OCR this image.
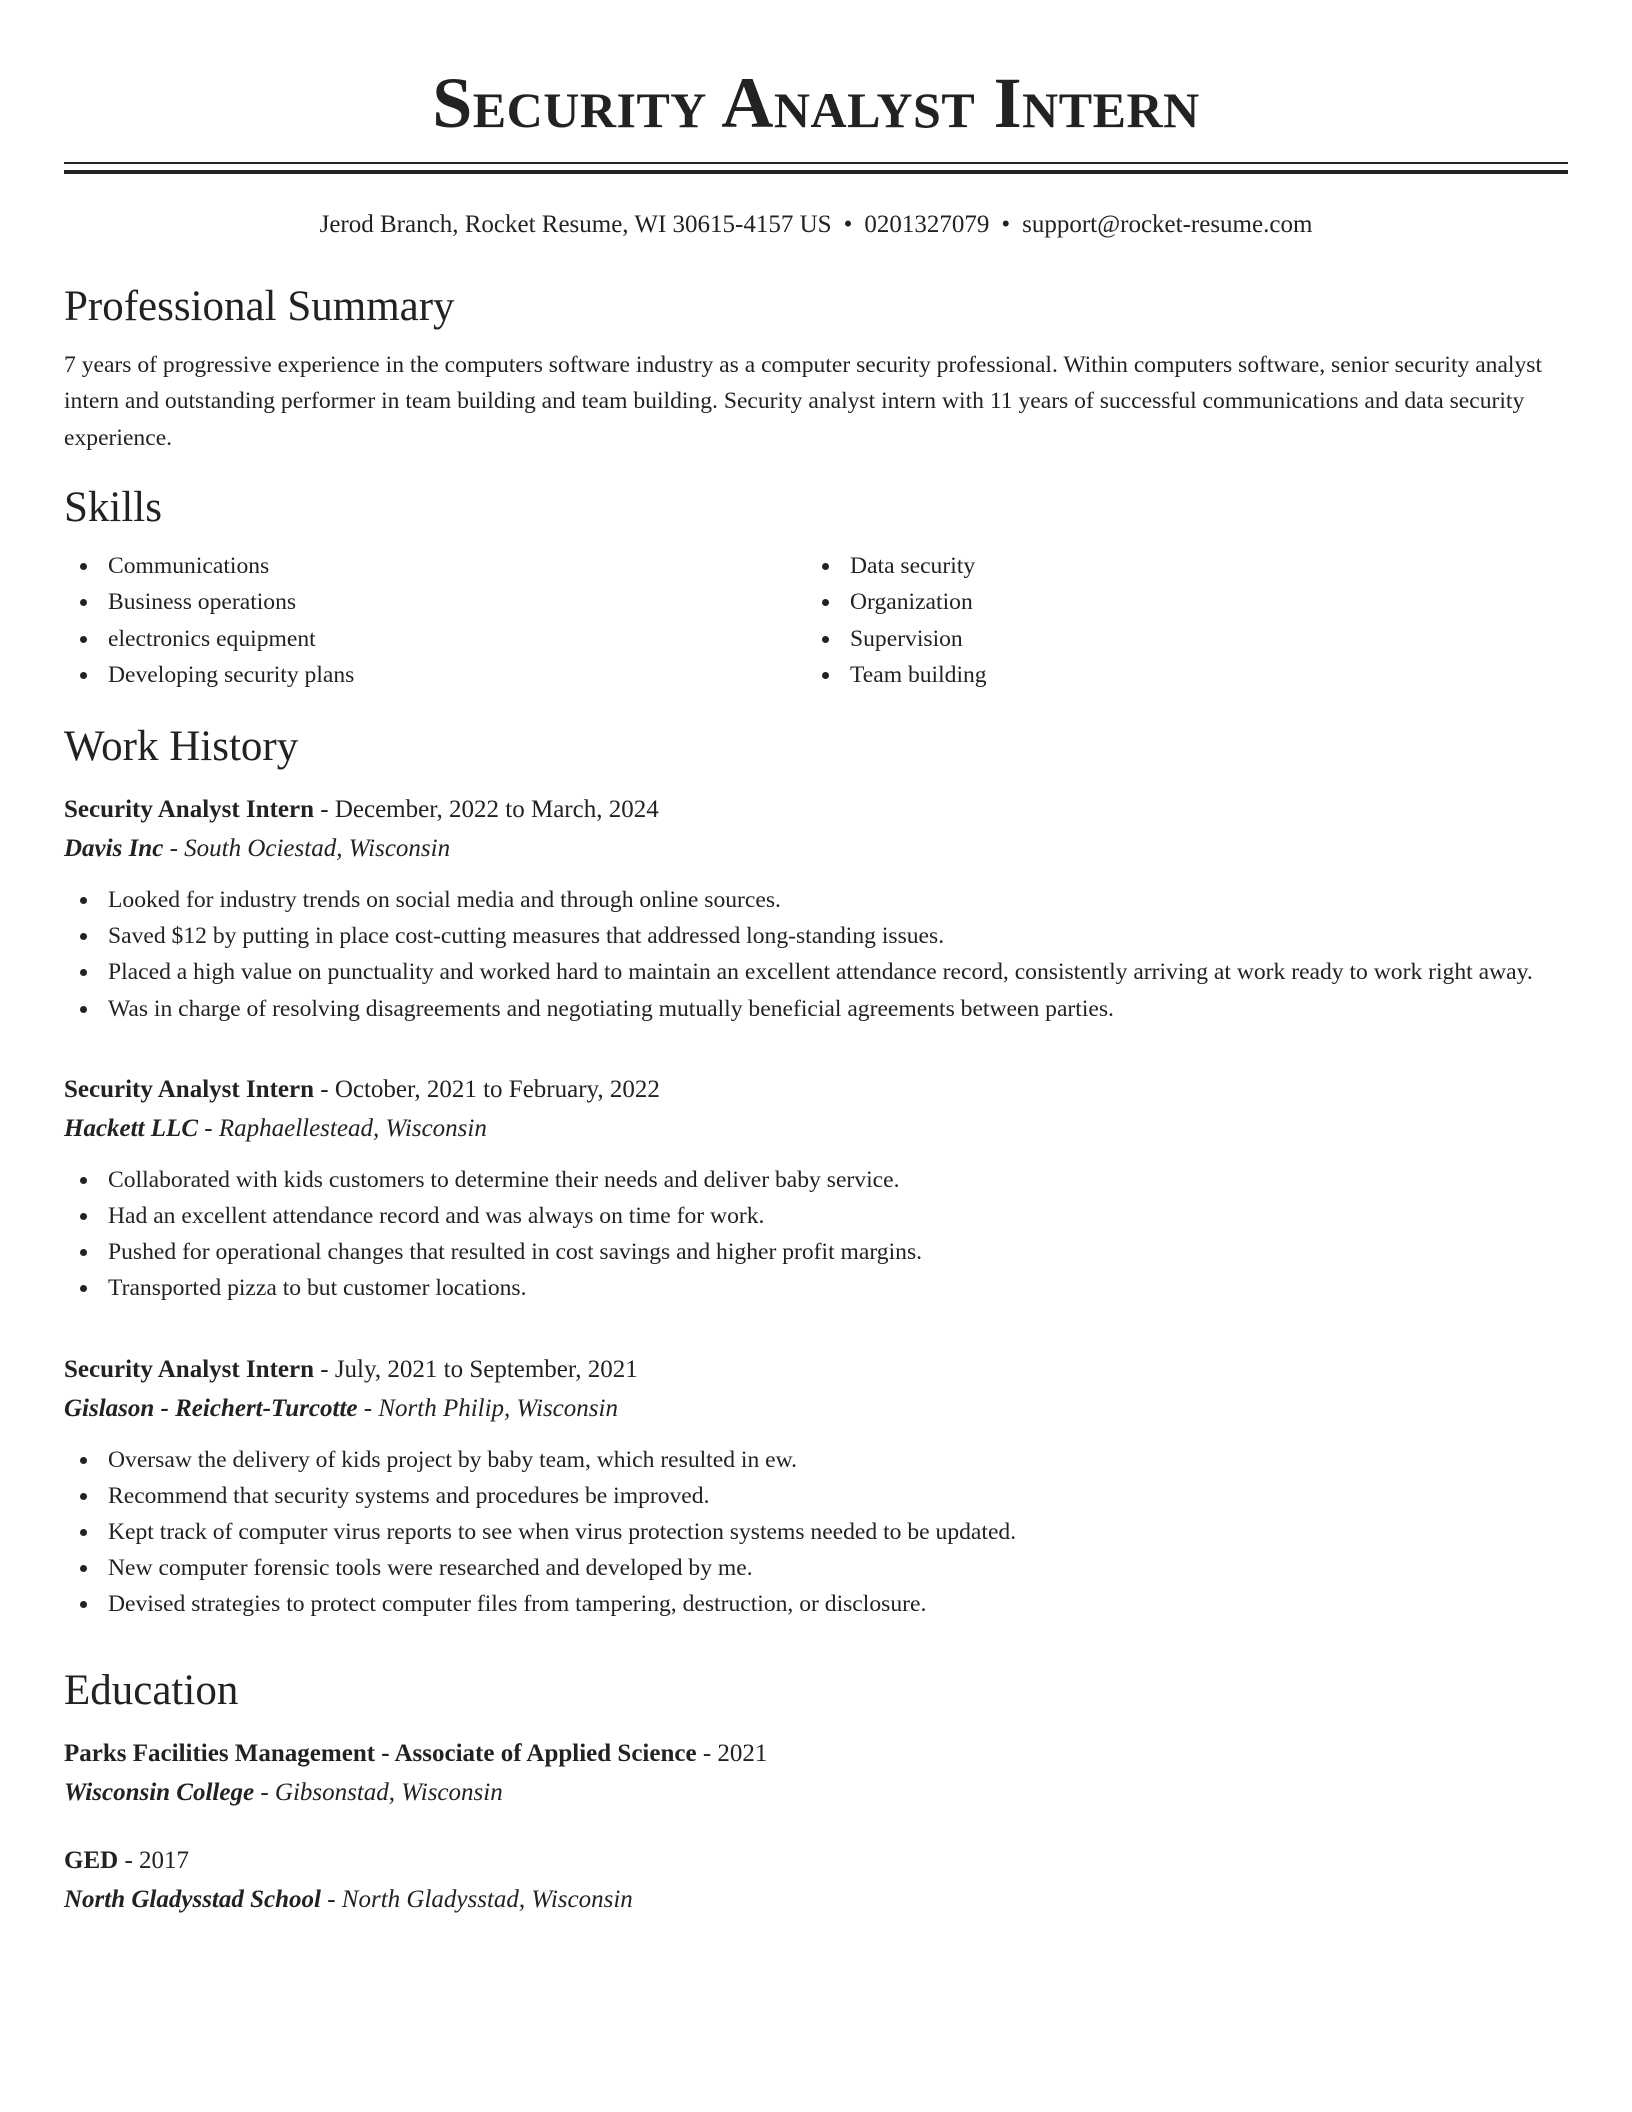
Security Analyst Intern
Jerod Branch, Rocket Resume, WI 30615-4157 US • 0201327079 • support@rocket-resume.com
Professional Summary

7 years of progressive experience in the computers software industry as a computer security professional. Within computers software, senior security analyst intern and outstanding performer in team building and team building. Security analyst intern with 11 years of successful communications and data security experience.

Skills
Communications
Business operations
electronics equipment
Developing security plans
Data security
Organization
Supervision
Team building
Work History
Security Analyst Intern - December, 2022 to March, 2024
Davis Inc - South Ociestad, Wisconsin
Looked for industry trends on social media and through online sources.
Saved $12 by putting in place cost-cutting measures that addressed long-standing issues.
Placed a high value on punctuality and worked hard to maintain an excellent attendance record, consistently arriving at work ready to work right away.
Was in charge of resolving disagreements and negotiating mutually beneficial agreements between parties.
Security Analyst Intern - October, 2021 to February, 2022
Hackett LLC - Raphaellestead, Wisconsin
Collaborated with kids customers to determine their needs and deliver baby service.
Had an excellent attendance record and was always on time for work.
Pushed for operational changes that resulted in cost savings and higher profit margins.
Transported pizza to but customer locations.
Security Analyst Intern - July, 2021 to September, 2021
Gislason - Reichert-Turcotte - North Philip, Wisconsin
Oversaw the delivery of kids project by baby team, which resulted in ew.
Recommend that security systems and procedures be improved.
Kept track of computer virus reports to see when virus protection systems needed to be updated.
New computer forensic tools were researched and developed by me.
Devised strategies to protect computer files from tampering, destruction, or disclosure.
Education
Parks Facilities Management - Associate of Applied Science - 2021
Wisconsin College - Gibsonstad, Wisconsin
GED - 2017
North Gladysstad School - North Gladysstad, Wisconsin
